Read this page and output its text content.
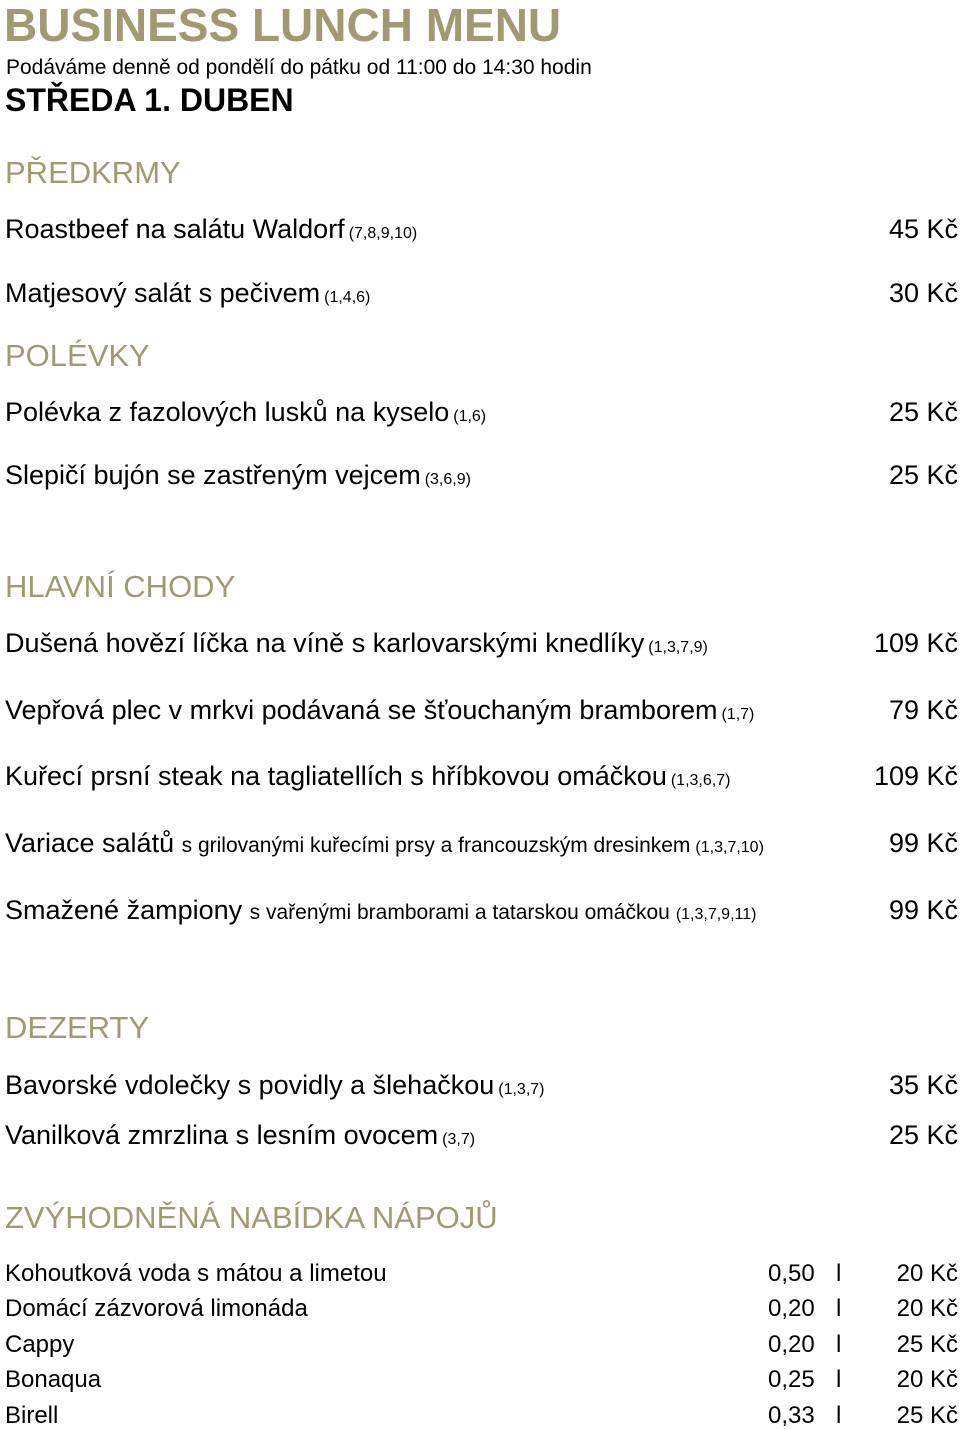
BUSINESS LUNCH MENU
Podáváme denně od pondělí do pátku od 11:00 do 14:30 hodin
STŘEDA 1. DUBEN
PŘEDKRMY
Roastbeef na salátu Waldorf (7,8,9,10)	45 Kč
Matjesový salát s pečivem (1,4,6)	30 Kč
POLÉVKY
Polévka z fazolových lusků na kyselo (1,6)	25 Kč
Slepičí bujón se zastřeným vejcem (3,6,9)	25 Kč
HLAVNÍ CHODY
Dušená hovězí líčka na víně s karlovarskými knedlíky (1,3,7,9)	109 Kč
Vepřová plec v mrkvi podávaná se šťouchaným bramborem (1,7)	79 Kč
Kuřecí prsní steak na tagliatellích s hříbkovou omáčkou (1,3,6,7)	109 Kč
Variace salátů s grilovanými kuřecími prsy a francouzským dresinkem (1,3,7,10)	99 Kč
Smažené žampiony s vařenými bramborami a tatarskou omáčkou (1,3,7,9,11)	99 Kč
DEZERTY
Bavorské vdolečky s povidly a šlehačkou (1,3,7)	35 Kč
Vanilková zmrzlina s lesním ovocem (3,7)	25 Kč
ZVÝHODNĚNÁ NABÍDKA NÁPOJŮ
Kohoutková voda s mátou a limetou	0,50 l 20 Kč
Domácí zázvorová limonáda	0,20 l 20 Kč
Cappy	0,20 l 25 Kč
Bonaqua	0,25 l 20 Kč
Birell	0,33 l 25 Kč
